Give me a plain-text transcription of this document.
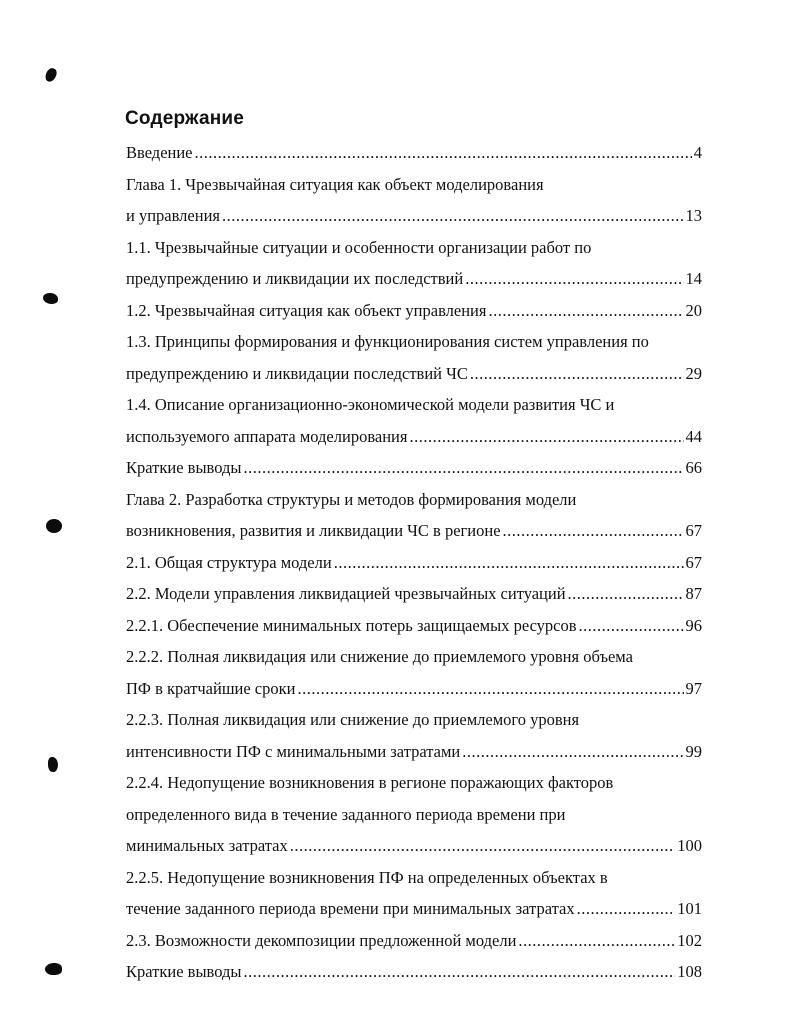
Содержание
Введение .....	4
Глава 1. Чрезвычайная ситуация как объект моделирования
и управления .....	13
1.1. Чрезвычайные ситуации и особенности организации работ по
предупреждению и ликвидации их последствий .....	14
1.2. Чрезвычайная ситуация как объект управления .....	20
1.3. Принципы формирования и функционирования систем управления по
предупреждению и ликвидации последствий ЧС .....	29
1.4. Описание организационно-экономической модели развития ЧС и
используемого аппарата моделирования .....	44
Краткие выводы .....	66
Глава 2. Разработка структуры и методов формирования модели
возникновения, развития и ликвидации ЧС в регионе .....	67
2.1. Общая структура модели .....	67
2.2. Модели управления ликвидацией чрезвычайных ситуаций .....	87
2.2.1. Обеспечение минимальных потерь защищаемых ресурсов .....	96
2.2.2. Полная ликвидация или снижение до приемлемого уровня объема
ПФ в кратчайшие сроки .....	97
2.2.3. Полная ликвидация или снижение до приемлемого уровня
интенсивности ПФ с минимальными затратами .....	99
2.2.4. Недопущение возникновения в регионе поражающих факторов
определенного вида в течение заданного периода времени при
минимальных затратах .....	100
2.2.5. Недопущение возникновения ПФ на определенных объектах в
течение заданного периода времени при минимальных затратах .....	101
2.3. Возможности декомпозиции предложенной модели .....	102
Краткие выводы .....	108
